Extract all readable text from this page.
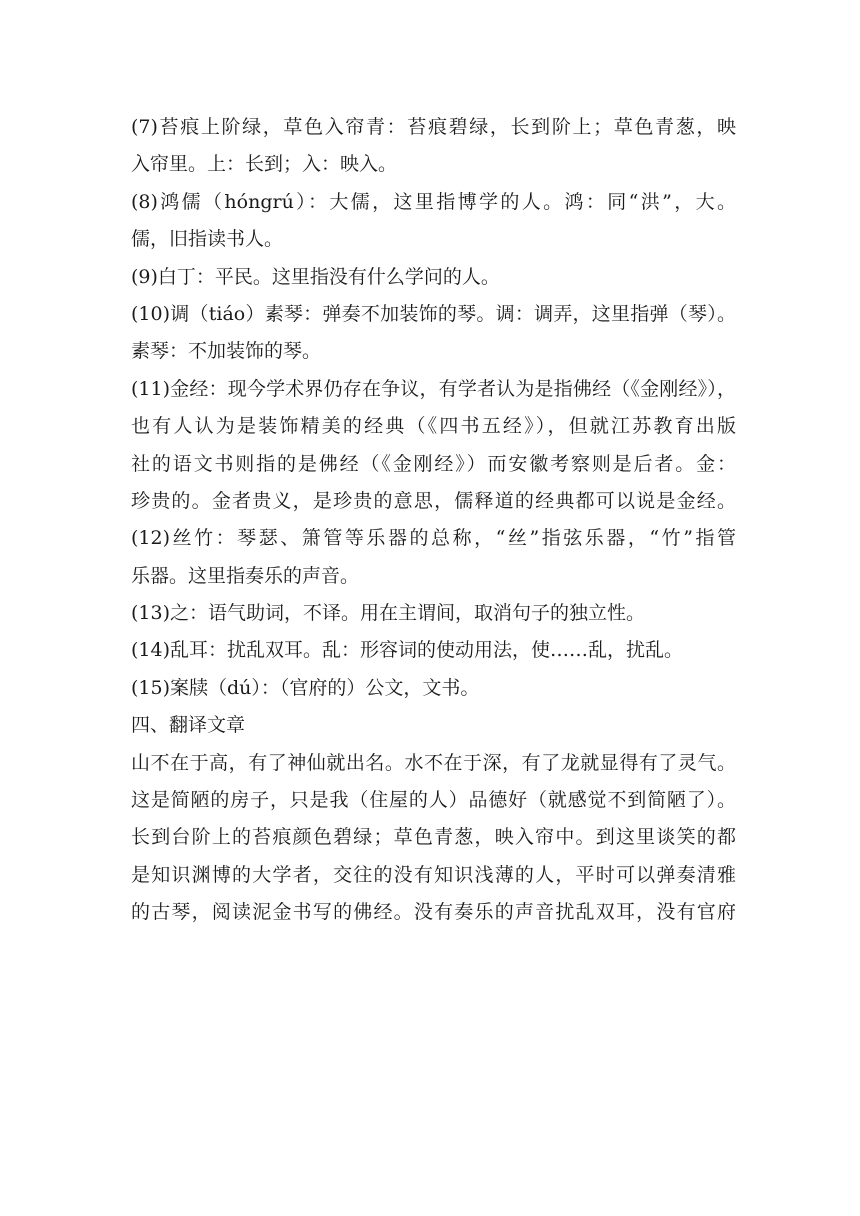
(7)苔痕上阶绿，草色入帘青：苔痕碧绿，长到阶上；草色青葱，映
入帘里。上：长到；入：映入。
(8)鸿儒（hóngrú）：大儒，这里指博学的人。鸿：同“洪”，大。
儒，旧指读书人。
(9)白丁：平民。这里指没有什么学问的人。
(10)调（tiáo）素琴：弹奏不加装饰的琴。调：调弄，这里指弹（琴）。
素琴：不加装饰的琴。
(11)金经：现今学术界仍存在争议，有学者认为是指佛经（《金刚经》），
也有人认为是装饰精美的经典（《四书五经》），但就江苏教育出版
社的语文书则指的是佛经（《金刚经》）而安徽考察则是后者。金：
珍贵的。金者贵义，是珍贵的意思，儒释道的经典都可以说是金经。
(12)丝竹：琴瑟、箫管等乐器的总称，“丝”指弦乐器，“竹”指管
乐器。这里指奏乐的声音。
(13)之：语气助词，不译。用在主谓间，取消句子的独立性。
(14)乱耳：扰乱双耳。乱：形容词的使动用法，使……乱，扰乱。
(15)案牍（dú）：（官府的）公文，文书。
四、翻译文章
山不在于高，有了神仙就出名。水不在于深，有了龙就显得有了灵气。
这是简陋的房子，只是我（住屋的人）品德好（就感觉不到简陋了）。
长到台阶上的苔痕颜色碧绿；草色青葱，映入帘中。到这里谈笑的都
是知识渊博的大学者，交往的没有知识浅薄的人，平时可以弹奏清雅
的古琴，阅读泥金书写的佛经。没有奏乐的声音扰乱双耳，没有官府
